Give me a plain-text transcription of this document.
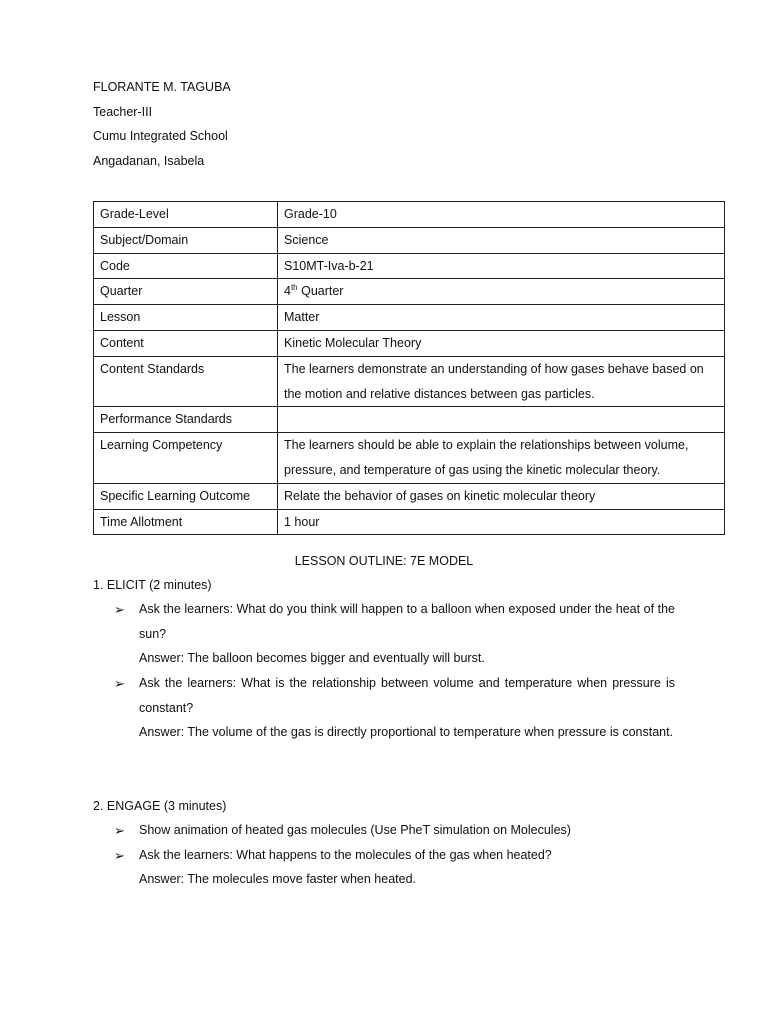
FLORANTE M. TAGUBA
Teacher-III
Cumu Integrated School
Angadanan, Isabela
Grade-Level	Grade-10
Subject/Domain	Science
Code	S10MT-Iva-b-21
Quarter	4th Quarter
Lesson	Matter
Content	Kinetic Molecular Theory
Content Standards	The learners demonstrate an understanding of how gases behave based on the motion and relative distances between gas particles.
Performance Standards	
Learning Competency	The learners should be able to explain the relationships between volume, pressure, and temperature of gas using the kinetic molecular theory.
Specific Learning Outcome	Relate the behavior of gases on kinetic molecular theory
Time Allotment	1 hour
LESSON OUTLINE: 7E MODEL
1. ELICIT (2 minutes)
➢ Ask the learners: What do you think will happen to a balloon when exposed under the heat of the sun?
Answer: The balloon becomes bigger and eventually will burst.
➢ Ask the learners: What is the relationship between volume and temperature when pressure is constant?
Answer: The volume of the gas is directly proportional to temperature when pressure is constant.
2. ENGAGE (3 minutes)
➢ Show animation of heated gas molecules (Use PheT simulation on Molecules)
➢ Ask the learners: What happens to the molecules of the gas when heated?
Answer: The molecules move faster when heated.
